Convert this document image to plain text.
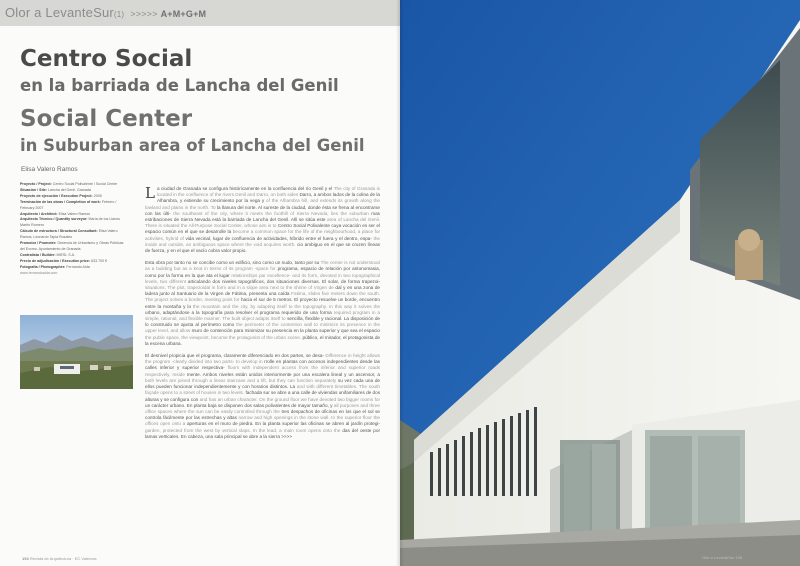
Olor a LevanteSur(1) >>>>> A+M+G+M
Centro Social
en la barriada de Lancha del Genil
Social Center
in Suburban area of Lancha del Genil
Elisa Valero Ramos

Proyecto / Project: Centro Social Polivalente / Social Center

Situación / Site: Lancha del Genil. Granada

Proyecto de ejecución / Execution Project: 2005

Terminación de las obras / Completion of work: Febrero / February 2007

Arquitecto / Architect: Elisa Valero Ramos

Arquitecto Técnico / Quantity surveyor: María de los Llanos Martín Romero

Cálculo de estructura / Structural Consultant: Elisa Valero Ramos, Leonardo Tapia Rosales

Promotor / Promoter: Gerencia de Urbanismo y Obras Públicas del Excmo. Ayuntamiento de Granada

Contratista / Builder: IMESL S.A.

Precio de adjudicación / Execution price: 633.700 €

Fotografía / Photographer: Fernando Alda

www.fernandoalda.com

La ciudad de Granada se configura históricamente en la confluencia del río Genil y el The city of Granada is located in the confluence of the rivers Genil and Darro, on both sides Darro, a ambos lados de la colina de la Alhambra, y extiende su crecimiento por la vega y of the Alhambra hill, and extends its growth along the lowland and plains in the north. To la llanura del norte. Al sureste de la ciudad, donde ésta se frena al encontrarse con las últi- the southeast of the city, where it meets the foothill of Sierra Nevada, lies the suburban mas estribaciones de Sierra Nevada está la barriada de Lancha del Genil. Allí se sitúa este area of Lancha del Genil. There is situated the All-Purpose Social Center, whose aim is to Centro Social Polivalente cuya vocación es ser el espacio común en el que se desarrolle la become a common space for the life of the neighbourhood, a place for activities, hybrid of vida vecinal, lugar de confluencia de actividades, híbrido entre el fuera y el dentro, espa- the inside and outside, an ambiguous space where the void acquires worth. cio ambiguo en el que se cruzen líneas de fuerza, y en el que el vacío cobra valor propio.

Esta obra por tanto no se concibe como un edificio, sino como un nudo, tanto por su The center is not understood as a building but as a knot in terms of its program -space for programa, espacio de relación por antonomasia, como por la forma en la que ata el lugar relationships par excellence- and its form, devoted in two topographical levels, two different articulando dos niveles topográficos, dos situaciones diversas. El solar, de forma trapezoi- situations. The plot, trapezoidal in form and in a slope area next to the shrine of Virgen de dal y en una zona de ladera junto al Santuario de la Virgen de Fátima, presenta una caída Fatima, slides five meters down the south. The project solves a border, meeting point for hacia el sur de 5 metros. El proyecto resuelve un borde, encuentro entre la montaña y lo the mountain and the city, by adapting itself to the topography. In this way it solves the urbano, adaptándose a la topografía para resolver el programa requerido de una forma required program in a simple, rational, and flexible manner. The built object adapts itself to sencilla, flexible y racional. La disposición de lo construido se ajusta al perímetro como the perimeter of the contention wall to minimize its presence in the upper level, and allow muro de contención para minimizar su presencia en la planta superior y que sea el espacio the public space, the viewpoint, become the protagonist of the urban scene. público, el mirador, el protagonista de la escena urbana.

El desnivel propicia que el programa, claramente diferenciado en dos partes, se desa- Difference in height allows the program -clearly divided into two parts- to develop in rrolle en plantas con accesos independientes desde las calles inferior y superior respectiva- floors with independent access from the inferior and superior roads respectively. Inside mente. Ambos niveles están unidos interiormente por una escalera lineal y un ascensor, a both levels are joined through a linear staircase and a lift, but they can function separately su vez cada una de ellos pueden funcionar independientemente y con horarios distintos. La and with different timetables. The south façade opens to a street of houses in two levels. fachada sur se abre a una calle de viviendas unifamiliares de dos alturas y se configura con and has an urban character. On the ground floor we have devoted two bigger rooms for un carácter urbano. En planta baja se disponen dos salas polivalentes de mayor tamaño, y all purposes and three office spaces where the sun can be easily controlled through the tres despachos de oficinas en los que el sol se controla fácilmente por las estrechas y altas narrow and high openings in the stone wall. In the superior floor the offices open onto a aperturas en el muro de piedra. En la planta superior las oficinas se abren al jardín protegi- garden, protected from the west by vertical slaps. In the lead, a main room opens onto the das del oeste por lamas verticales. En cabeza, una sala principal se abre a la sierra >>>>

194 Revista de Arquitectura · EC Valencia	Olor a LevanteSur 195
